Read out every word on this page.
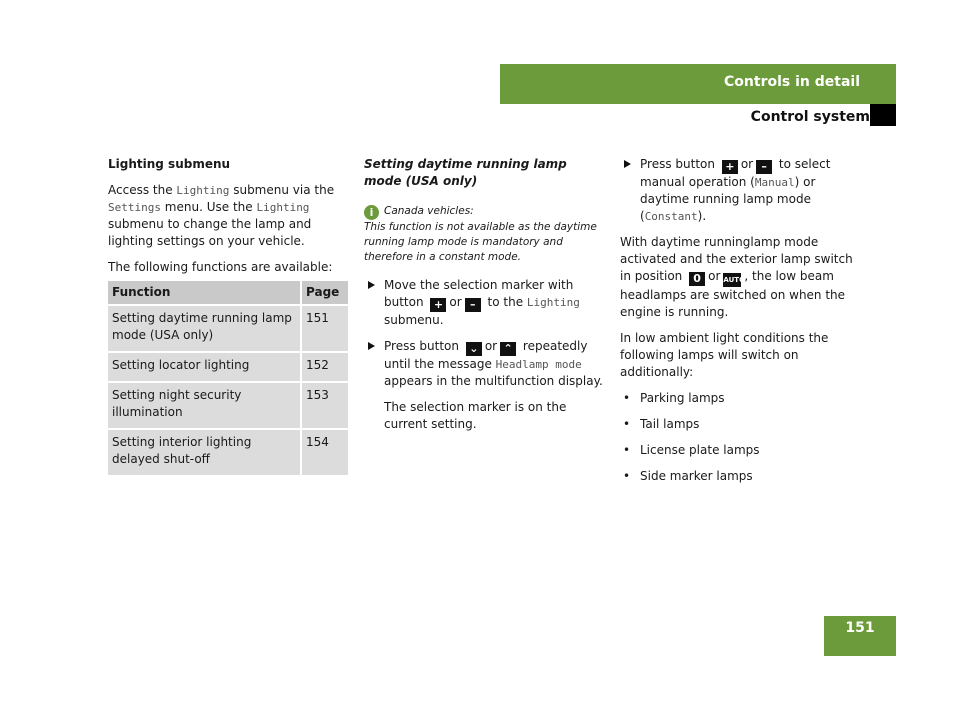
Controls in detail
Control system

Lighting submenu

Access the Lighting submenu via the
Settings menu. Use the Lighting
submenu to change the lamp and lighting settings on your vehicle.

The following functions are available:

Function	Page
Setting daytime running lamp mode (USA only)	151
Setting locator lighting	152
Setting night security illumination	153
Setting interior lighting delayed shut-off	154

Setting daytime running lamp mode (USA only)

i Canada vehicles:
This function is not available as the daytime running lamp mode is mandatory and therefore in a constant mode.

Move the selection marker with button + or – to the Lighting submenu.

Press button ⌄ or ⌃ repeatedly until the message Headlamp mode appears in the multifunction display.

The selection marker is on the current setting.

Press button + or – to select manual operation (Manual) or daytime running lamp mode (Constant).

With daytime runninglamp mode activated and the exterior lamp switch in position 0 or AUTO, the low beam headlamps are switched on when the engine is running.

In low ambient light conditions the following lamps will switch on additionally:

• Parking lamps

• Tail lamps

• License plate lamps

• Side marker lamps

151
